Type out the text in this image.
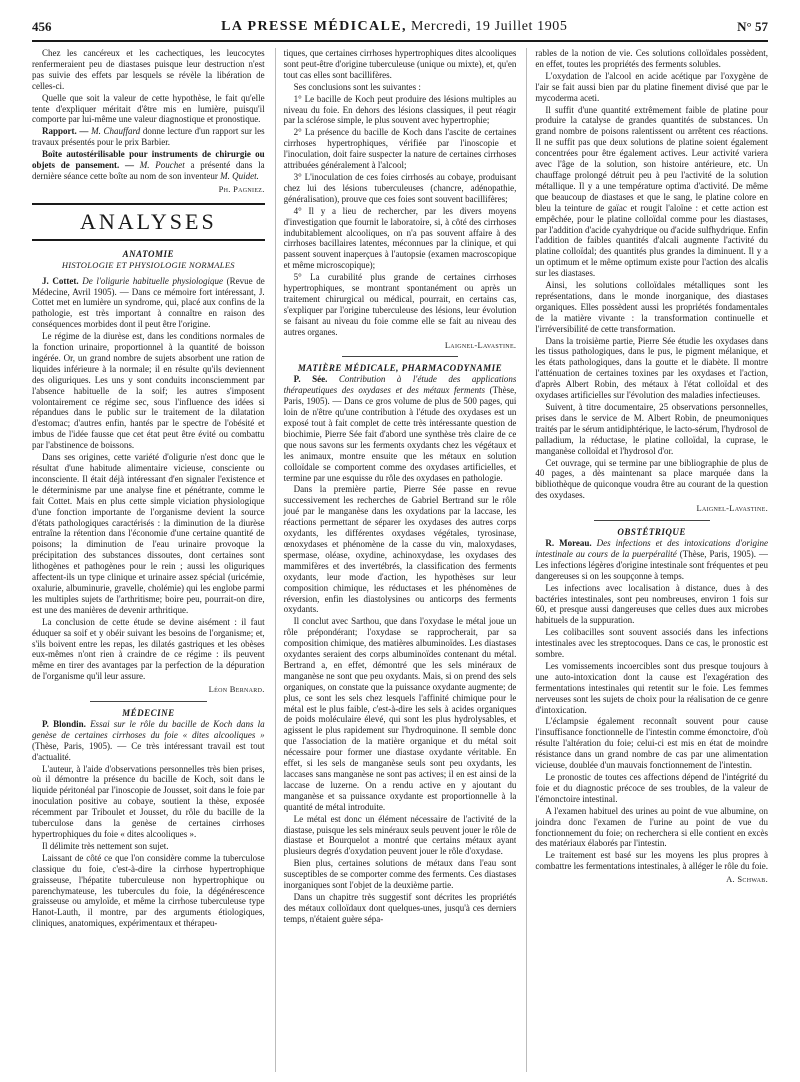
456	LA PRESSE MÉDICALE, Mercredi, 19 Juillet 1905	N° 57

Chez les cancéreux et les cachectiques, les leucocytes renfermeraient peu de diastases puisque leur destruction n'est pas suivie des effets par lesquels se révèle la libération de celles-ci.

Quelle que soit la valeur de cette hypothèse, le fait qu'elle tente d'expliquer méritait d'être mis en lumière, puisqu'il comporte par lui-même une valeur diagnostique et pronostique.

Rapport. — M. Chauffard donne lecture d'un rapport sur les travaux présentés pour le prix Barbier.

Boîte autostérilisable pour instruments de chirurgie ou objets de pansement. — M. Pouchet a présenté dans la dernière séance cette boîte au nom de son inventeur M. Quidet.

Ph. Pagniez.
ANALYSES
ANATOMIE
HISTOLOGIE ET PHYSIOLOGIE NORMALES

J. Cottet. De l'oligurie habituelle physiologique (Revue de Médecine, Avril 1905). — Dans ce mémoire fort intéressant, J. Cottet met en lumière un syndrome, qui, placé aux confins de la pathologie, est très important à connaître en raison des conséquences morbides dont il peut être l'origine.

Le régime de la diurèse est, dans les conditions normales de la fonction urinaire, proportionnel à la quantité de boisson ingérée. Or, un grand nombre de sujets absorbent une ration de liquides inférieure à la normale; il en résulte qu'ils deviennent des oliguriques. Les uns y sont conduits inconsciemment par l'absence habituelle de la soif; les autres s'imposent volontairement ce régime sec, sous l'influence des idées si répandues dans le public sur le traitement de la dilatation d'estomac; d'autres enfin, hantés par le spectre de l'obésité et imbus de l'idée fausse que cet état peut être évité ou combattu par l'abstinence de boissons.

Dans ses origines, cette variété d'oligurie n'est donc que le résultat d'une habitude alimentaire vicieuse, consciente ou inconsciente. Il était déjà intéressant d'en signaler l'existence et le déterminisme par une analyse fine et pénétrante, comme le fait Cottet. Mais en plus cette simple viciation physiologique d'une fonction importante de l'organisme devient la source d'états pathologiques caractérisés : la diminution de la diurèse entraîne la rétention dans l'économie d'une certaine quantité de poisons; la diminution de l'eau urinaire provoque la précipitation des substances dissoutes, dont certaines sont lithogènes et pathogènes pour le rein ; aussi les oliguriques affectent-ils un type clinique et urinaire assez spécial (uricémie, oxalurie, albuminurie, gravelle, cholémie) qui les englobe parmi les multiples sujets de l'arthritisme; boire peu, pourrait-on dire, est une des manières de devenir arthritique.

La conclusion de cette étude se devine aisément : il faut éduquer sa soif et y obéir suivant les besoins de l'organisme; et, s'ils boivent entre les repas, les dilatés gastriques et les obèses eux-mêmes n'ont rien à craindre de ce régime : ils peuvent même en tirer des avantages par la perfection de la dépuration de l'organisme qu'il leur assure.

Léon Bernard.
MÉDECINE

P. Blondin. Essai sur le rôle du bacille de Koch dans la genèse de certaines cirrhoses du foie « dites alcooliques » (Thèse, Paris, 1905). — Ce très intéressant travail est tout d'actualité.

L'auteur, à l'aide d'observations personnelles très bien prises, où il démontre la présence du bacille de Koch, soit dans le liquide péritonéal par l'inoscopie de Jousset, soit dans le foie par inoculation positive au cobaye, soutient la thèse, exposée récemment par Triboulet et Jousset, du rôle du bacille de la tuberculose dans la genèse de certaines cirrhoses hypertrophiques du foie « dites alcooliques ».

Il délimite très nettement son sujet.

Laissant de côté ce que l'on considère comme la tuberculose classique du foie, c'est-à-dire la cirrhose hypertrophique graisseuse, l'hépatite tuberculeuse non hypertrophique ou parenchymateuse, les tubercules du foie, la dégénérescence graisseuse ou amyloïde, et même la cirrhose tuberculeuse type Hanot-Lauth, il montre, par des arguments étiologiques, cliniques, anatomiques, expérimentaux et thérapeu-

tiques, que certaines cirrhoses hypertrophiques dites alcooliques sont peut-être d'origine tuberculeuse (unique ou mixte), et, qu'en tout cas elles sont bacillifères.

Ses conclusions sont les suivantes :

1° Le bacille de Koch peut produire des lésions multiples au niveau du foie. En dehors des lésions classiques, il peut réagir par la sclérose simple, le plus souvent avec hypertrophie;

2° La présence du bacille de Koch dans l'ascite de certaines cirrhoses hypertrophiques, vérifiée par l'inoscopie et l'inoculation, doit faire suspecter la nature de certaines cirrhoses attribuées généralement à l'alcool;

3° L'inoculation de ces foies cirrhosés au cobaye, produisant chez lui des lésions tuberculeuses (chancre, adénopathie, généralisation), prouve que ces foies sont souvent bacillifères;

4° Il y a lieu de rechercher, par les divers moyens d'investigation que fournit le laboratoire, si, à côté des cirrhoses indubitablement alcooliques, on n'a pas souvent affaire à des cirrhoses bacillaires latentes, méconnues par la clinique, et qui passent souvent inaperçues à l'autopsie (examen macroscopique et même microscopique);

5° La curabilité plus grande de certaines cirrhoses hypertrophiques, se montrant spontanément ou après un traitement chirurgical ou médical, pourrait, en certains cas, s'expliquer par l'origine tuberculeuse des lésions, leur évolution se faisant au niveau du foie comme elle se fait au niveau des autres organes.

Laignel-Lavastine.
MATIÈRE MÉDICALE, PHARMACODYNAMIE

P. Sée. Contribution à l'étude des applications thérapeutiques des oxydases et des métaux ferments (Thèse, Paris, 1905). — Dans ce gros volume de plus de 500 pages, qui loin de n'être qu'une contribution à l'étude des oxydases est un exposé tout à fait complet de cette très intéressante question de biochimie, Pierre Sée fait d'abord une synthèse très claire de ce que nous savons sur les ferments oxydants chez les végétaux et les animaux, montre ensuite que les métaux en solution colloïdale se comportent comme des oxydases artificielles, et termine par une esquisse du rôle des oxydases en pathologie.

Dans la première partie, Pierre Sée passe en revue successivement les recherches de Gabriel Bertrand sur le rôle joué par le manganèse dans les oxydations par la laccase, les réactions permettant de séparer les oxydases des autres corps oxydants, les différentes oxydases végétales, tyrosinase, œnoxydases et phénomène de la casse du vin, maloxydases, spermase, oléase, oxydine, achinoxydase, les oxydases des mammifères et des invertébrés, la classification des ferments oxydants, leur mode d'action, les hypothèses sur leur composition chimique, les réductases et les phénomènes de réversion, enfin les diastolysines ou anticorps des ferments oxydants.

Il conclut avec Sarthou, que dans l'oxydase le métal joue un rôle prépondérant; l'oxydase se rapprocherait, par sa composition chimique, des matières albuminoïdes. Les diastases oxydantes seraient des corps albuminoïdes contenant du métal. Bertrand a, en effet, démontré que les sels minéraux de manganèse ne sont que peu oxydants. Mais, si on prend des sels organiques, on constate que la puissance oxydante augmente; de plus, ce sont les sels chez lesquels l'affinité chimique pour le métal est le plus faible, c'est-à-dire les sels à acides organiques de poids moléculaire élevé, qui sont les plus hydrolysables, et agissent le plus rapidement sur l'hydroquinone. Il semble donc que l'association de la matière organique et du métal soit nécessaire pour former une diastase oxydante véritable. En effet, si les sels de manganèse seuls sont peu oxydants, les laccases sans manganèse ne sont pas actives; il en est ainsi de la laccase de luzerne. On a rendu active en y ajoutant du manganèse et sa puissance oxydante est proportionnelle à la quantité de métal introduite.

Le métal est donc un élément nécessaire de l'activité de la diastase, puisque les sels minéraux seuls peuvent jouer le rôle de diastase et Bourquelot a montré que certains métaux ayant plusieurs degrés d'oxydation peuvent jouer le rôle d'oxydase.

Bien plus, certaines solutions de métaux dans l'eau sont susceptibles de se comporter comme des ferments. Ces diastases inorganiques sont l'objet de la deuxième partie.

Dans un chapitre très suggestif sont décrites les propriétés des métaux colloïdaux dont quelques-unes, jusqu'à ces derniers temps, n'étaient guère sépa-

rables de la notion de vie. Ces solutions colloïdales possèdent, en effet, toutes les propriétés des ferments solubles.

L'oxydation de l'alcool en acide acétique par l'oxygène de l'air se fait aussi bien par du platine finement divisé que par le mycoderma aceti.

Il suffit d'une quantité extrêmement faible de platine pour produire la catalyse de grandes quantités de substances. Un grand nombre de poisons ralentissent ou arrêtent ces réactions. Il ne suffit pas que deux solutions de platine soient également concentrées pour être également actives. Leur activité variera avec l'âge de la solution, son histoire antérieure, etc. Un chauffage prolongé détruit peu à peu l'activité de la solution métallique. Il y a une température optima d'activité. De même que beaucoup de diastases et que le sang, le platine colore en bleu la teinture de gaïac et rougit l'aloïne : et cette action est empêchée, pour le platine colloïdal comme pour les diastases, par l'addition d'acide cyahydrique ou d'acide sulfhydrique. Enfin l'addition de faibles quantités d'alcali augmente l'activité du platine colloïdal; des quantités plus grandes la diminuent. Il y a un optimum et le même optimum existe pour l'action des alcalis sur les diastases.

Ainsi, les solutions colloïdales métalliques sont les représentations, dans le monde inorganique, des diastases organiques. Elles possèdent aussi les propriétés fondamentales de la matière vivante : la transformation continuelle et l'irréversibilité de cette transformation.

Dans la troisième partie, Pierre Sée étudie les oxydases dans les tissus pathologiques, dans le pus, le pigment mélanique, et les états pathologiques, dans la goutte et le diabète. Il montre l'atténuation de certaines toxines par les oxydases et l'action, d'après Albert Robin, des métaux à l'état colloïdal et des oxydases artificielles sur l'évolution des maladies infectieuses.

Suivent, à titre documentaire, 25 observations personnelles, prises dans le service de M. Albert Robin, de pneumoniques traités par le sérum antidiphtérique, le lacto-sérum, l'hydrosol de palladium, la réductase, le platine colloïdal, la cuprase, le manganèse colloïdal et l'hydrosol d'or.

Cet ouvrage, qui se termine par une bibliographie de plus de 40 pages, a dès maintenant sa place marquée dans la bibliothèque de quiconque voudra être au courant de la question des oxydases.

Laignel-Lavastine.
OBSTÉTRIQUE

R. Moreau. Des infections et des intoxications d'origine intestinale au cours de la puerpéralité (Thèse, Paris, 1905). — Les infections légères d'origine intestinale sont fréquentes et peu dangereuses si on les soupçonne à temps.

Les infections avec localisation à distance, dues à des bactéries intestinales, sont peu nombreuses, environ 1 fois sur 60, et presque aussi dangereuses que celles dues aux microbes habituels de la suppuration.

Les colibacilles sont souvent associés dans les infections intestinales avec les streptocoques. Dans ce cas, le pronostic est sombre.

Les vomissements incoercibles sont dus presque toujours à une auto-intoxication dont la cause est l'exagération des fermentations intestinales qui retentit sur le foie. Les femmes nerveuses sont les sujets de choix pour la réalisation de ce genre d'intoxication.

L'éclampsie également reconnaît souvent pour cause l'insuffisance fonctionnelle de l'intestin comme émonctoire, d'où résulte l'altération du foie; celui-ci est mis en état de moindre résistance dans un grand nombre de cas par une alimentation vicieuse, doublée d'un mauvais fonctionnement de l'intestin.

Le pronostic de toutes ces affections dépend de l'intégrité du foie et du diagnostic précoce de ses troubles, de la valeur de l'émonctoire intestinal.

A l'examen habituel des urines au point de vue albumine, on joindra donc l'examen de l'urine au point de vue du fonctionnement du foie; on recherchera si elle contient en excès des matériaux élaborés par l'intestin.

Le traitement est basé sur les moyens les plus propres à combattre les fermentations intestinales, à alléger le rôle du foie.

A. Schwab.
